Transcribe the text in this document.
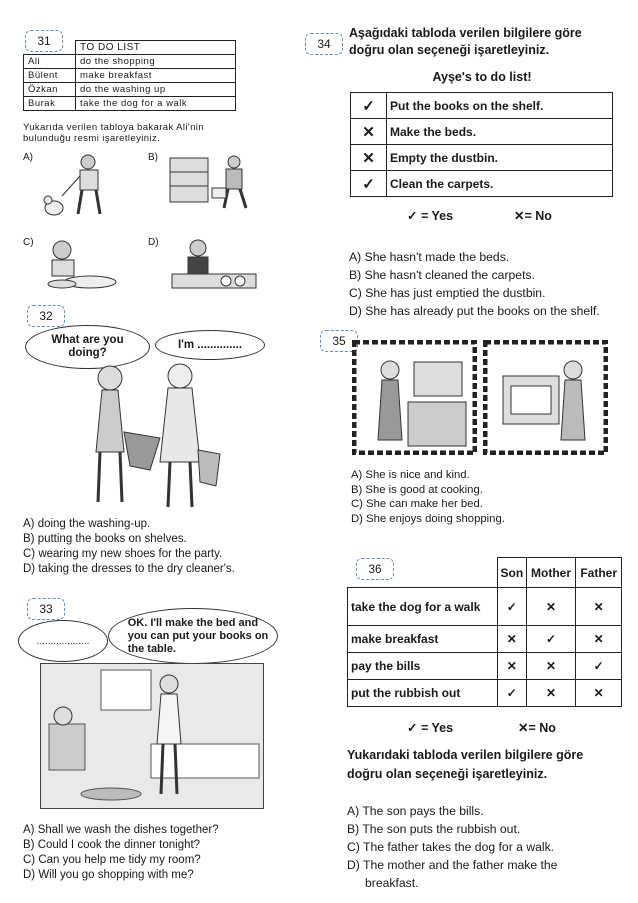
31
		TO DO LIST
Ali	do the shopping
Bülent	make breakfast
Özkan	do the washing up
Burak	take the dog for a walk
Yukarıda verilen tabloya bakarak Ali'nin
bulunduğu resmi işaretleyiniz.
A)	B)
C)	D)
32
What are you
doing?
I'm ..............
A) doing the washing-up.
B) putting the books on shelves.
C) wearing my new shoes for the party.
D) taking the dresses to the dry cleaner's.
33
...................
OK. I'll make the bed and
you can put your books on
the table.
A) Shall we wash the dishes together?
B) Could I cook the dinner tonight?
C) Can you help me tidy my room?
D) Will you go shopping with me?
34
Aşağıdaki tabloda verilen bilgilere göre
doğru olan seçeneği işaretleyiniz.
Ayşe's to do list!
✓	Put the books on the shelf.
✕	Make the beds.
✕	Empty the dustbin.
✓	Clean the carpets.
✓ = Yes	✕= No
A) She hasn't made the beds.
B) She hasn't cleaned the carpets.
C) She has just emptied the dustbin.
D) She has already put the books on the shelf.
35
A) She is nice and kind.
B) She is good at cooking.
C) She can make her bed.
D) She enjoys doing shopping.
36
		Son	Mother	Father
take the dog for a walk	✓	✕	✕
make breakfast	✕	✓	✕
pay the bills	✕	✕	✓
put the rubbish out	✓	✕	✕
✓ = Yes	✕= No
Yukarıdaki tabloda verilen bilgilere göre
doğru olan seçeneği işaretleyiniz.
A) The son pays the bills.
B) The son puts the rubbish out.
C) The father takes the dog for a walk.
D) The mother and the father make the
breakfast.
